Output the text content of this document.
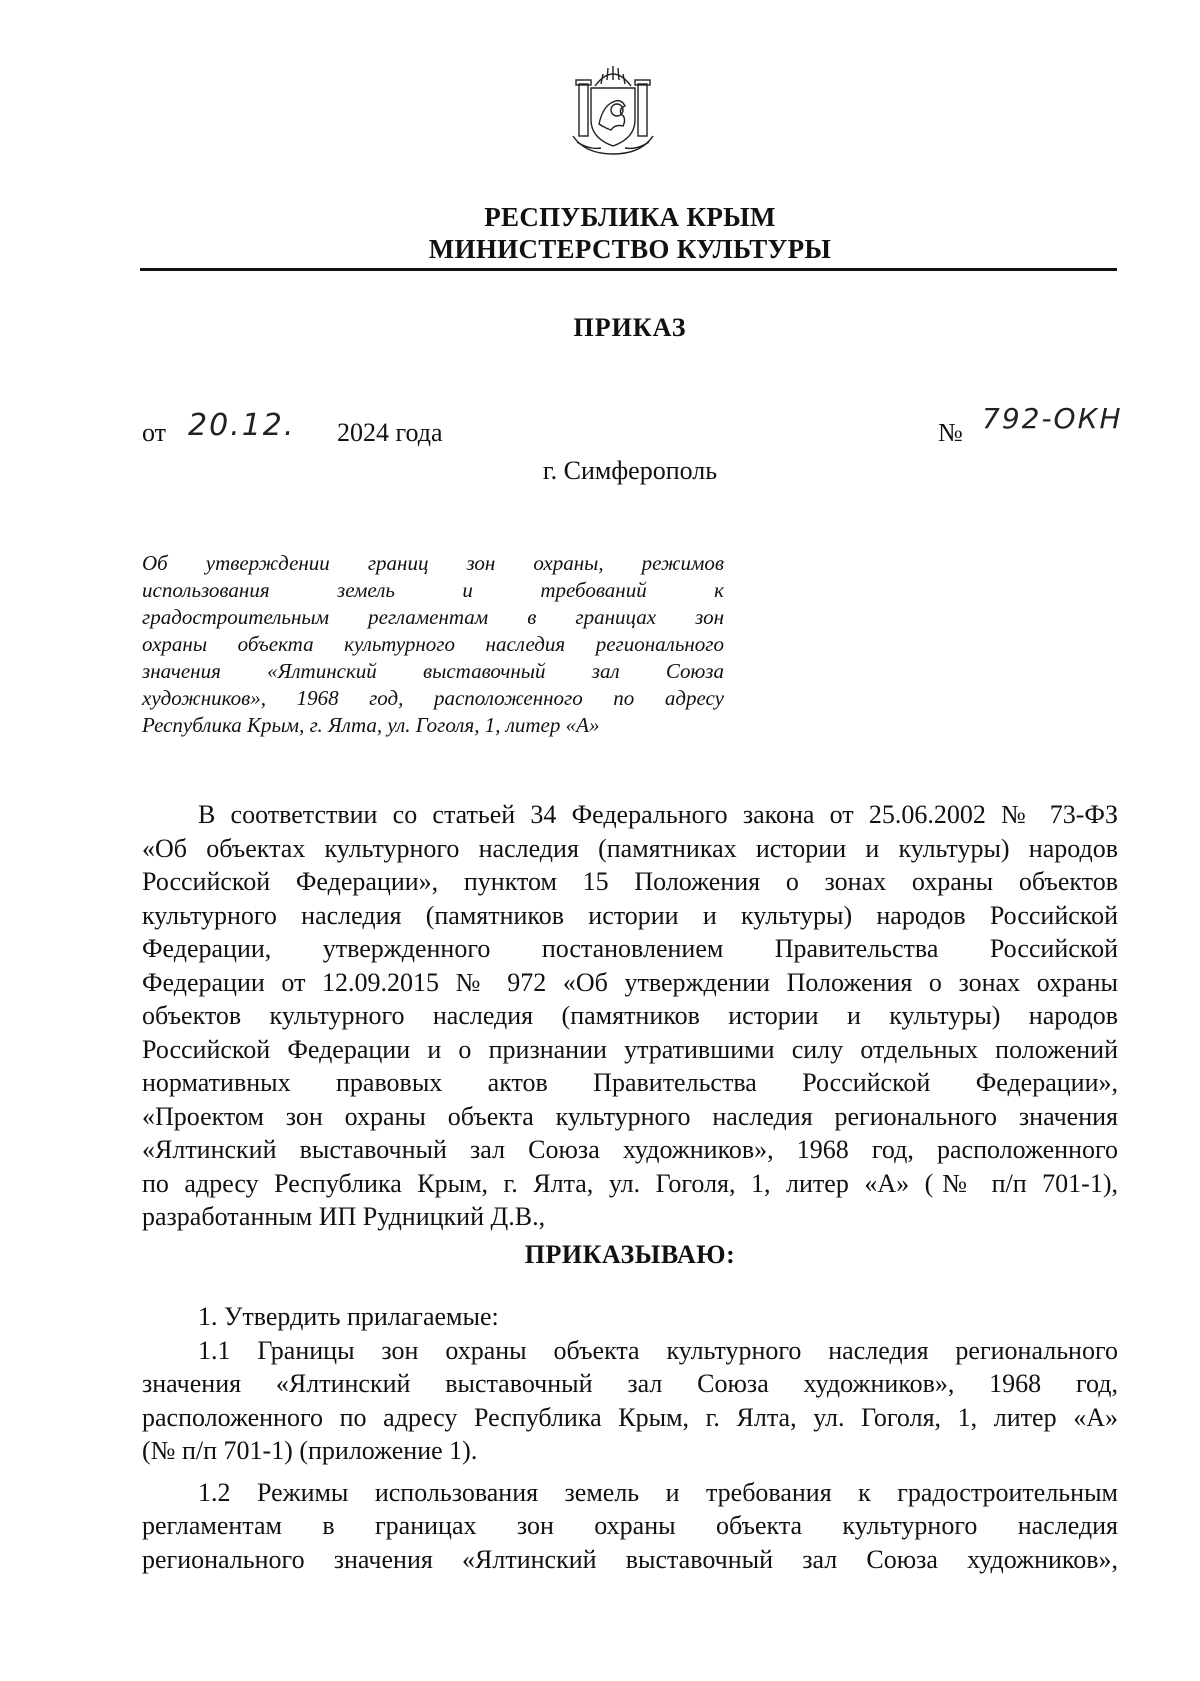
РЕСПУБЛИКА КРЫМ
МИНИСТЕРСТВО КУЛЬТУРЫ
ПРИКАЗ
от 20.12. 2024 года	№ 792-ОКН
г. Симферополь
Об утверждении границ зон охраны, режимов
использования земель и требований к
градостроительным регламентам в границах зон
охраны объекта культурного наследия регионального
значения «Ялтинский выставочный зал Союза
художников», 1968 год, расположенного по адресу
Республика Крым, г. Ялта, ул. Гоголя, 1, литер «А»
В соответствии со статьей 34 Федерального закона от 25.06.2002 № 73-ФЗ
«Об объектах культурного наследия (памятниках истории и культуры) народов
Российской Федерации», пунктом 15 Положения о зонах охраны объектов
культурного наследия (памятников истории и культуры) народов Российской
Федерации, утвержденного постановлением Правительства Российской
Федерации от 12.09.2015 № 972 «Об утверждении Положения о зонах охраны
объектов культурного наследия (памятников истории и культуры) народов
Российской Федерации и о признании утратившими силу отдельных положений
нормативных правовых актов Правительства Российской Федерации»,
«Проектом зон охраны объекта культурного наследия регионального значения
«Ялтинский выставочный зал Союза художников», 1968 год, расположенного
по адресу Республика Крым, г. Ялта, ул. Гоголя, 1, литер «А» (№ п/п 701-1),
разработанным ИП Рудницкий Д.В.,
ПРИКАЗЫВАЮ:
1. Утвердить прилагаемые:
1.1 Границы зон охраны объекта культурного наследия регионального
значения «Ялтинский выставочный зал Союза художников», 1968 год,
расположенного по адресу Республика Крым, г. Ялта, ул. Гоголя, 1, литер «А»
(№ п/п 701-1) (приложение 1).
1.2 Режимы использования земель и требования к градостроительным
регламентам в границах зон охраны объекта культурного наследия
регионального значения «Ялтинский выставочный зал Союза художников»,
